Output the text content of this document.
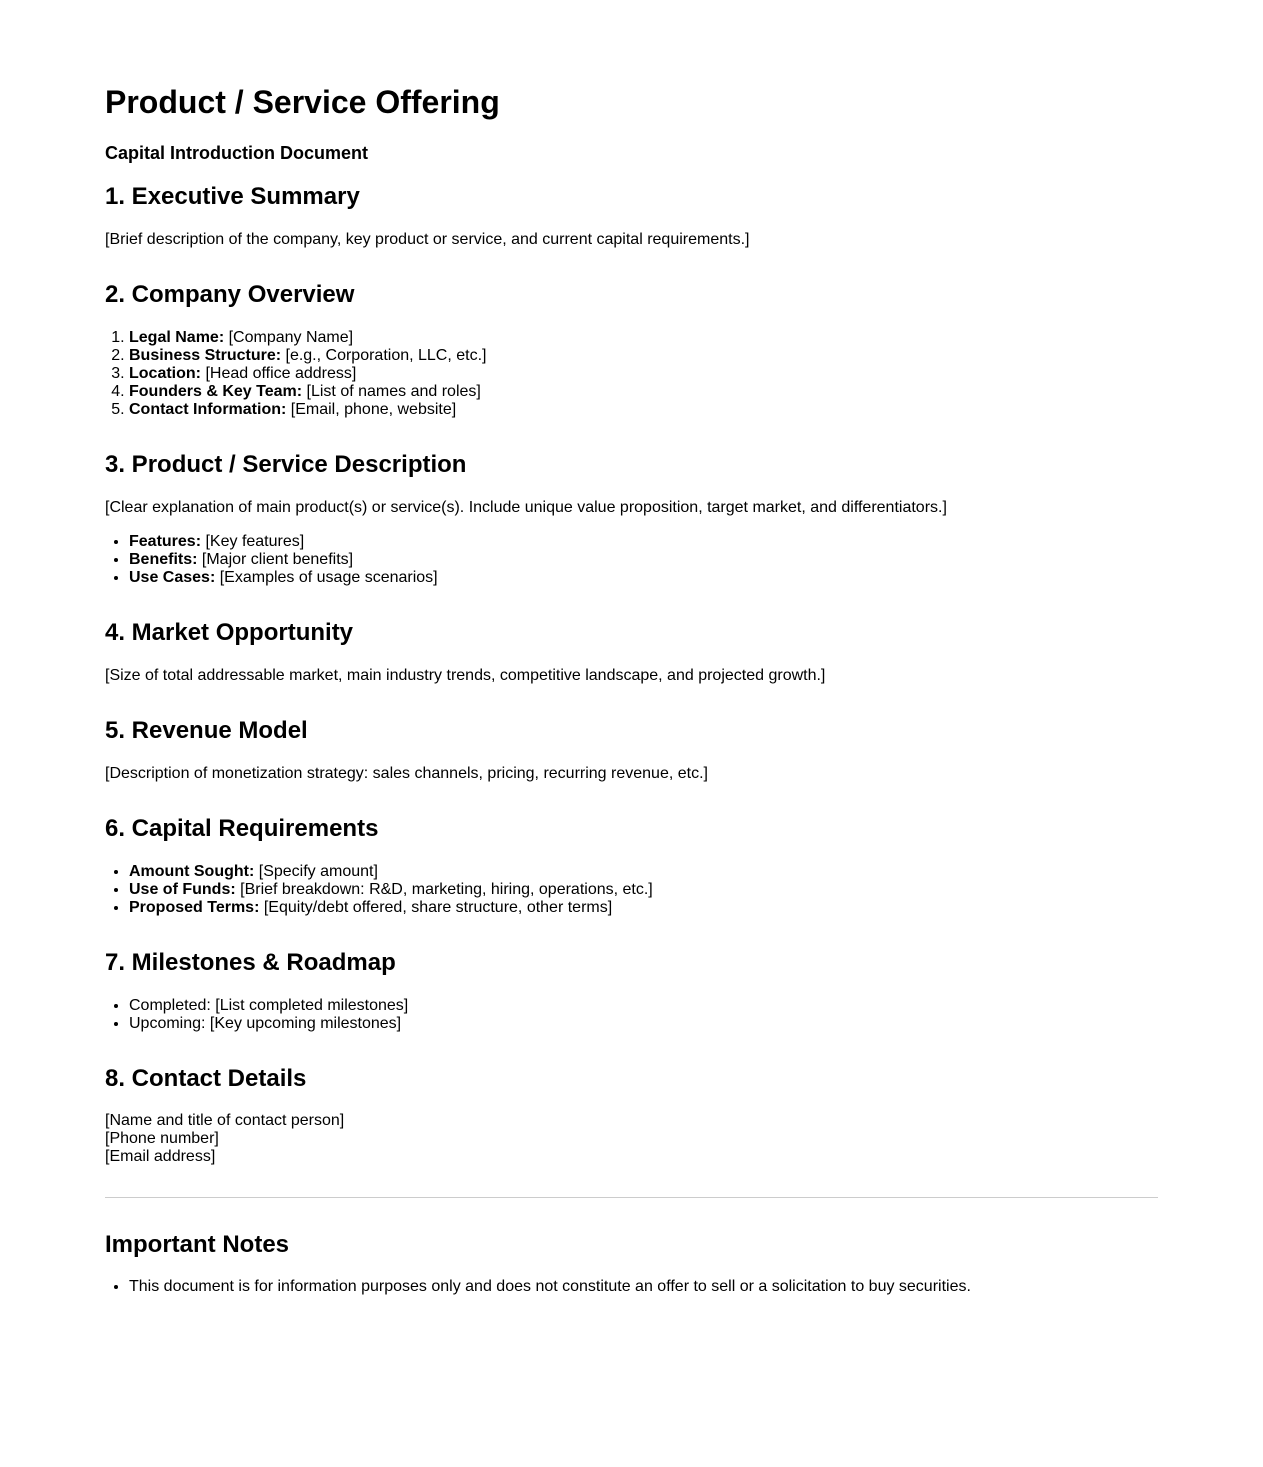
Product / Service Offering

Capital Introduction Document

1. Executive Summary

[Brief description of the company, key product or service, and current capital requirements.]

2. Company Overview
1. Legal Name: [Company Name]
2. Business Structure: [e.g., Corporation, LLC, etc.]
3. Location: [Head office address]
4. Founders & Key Team: [List of names and roles]
5. Contact Information: [Email, phone, website]
3. Product / Service Description

[Clear explanation of main product(s) or service(s). Include unique value proposition, target market, and differentiators.]

• Features: [Key features]
• Benefits: [Major client benefits]
• Use Cases: [Examples of usage scenarios]
4. Market Opportunity

[Size of total addressable market, main industry trends, competitive landscape, and projected growth.]

5. Revenue Model

[Description of monetization strategy: sales channels, pricing, recurring revenue, etc.]

6. Capital Requirements
• Amount Sought: [Specify amount]
• Use of Funds: [Brief breakdown: R&D, marketing, hiring, operations, etc.]
• Proposed Terms: [Equity/debt offered, share structure, other terms]
7. Milestones & Roadmap
• Completed: [List completed milestones]
• Upcoming: [Key upcoming milestones]
8. Contact Details
[Name and title of contact person]
[Phone number]
[Email address]
Important Notes
• This document is for information purposes only and does not constitute an offer to sell or a solicitation to buy securities.
